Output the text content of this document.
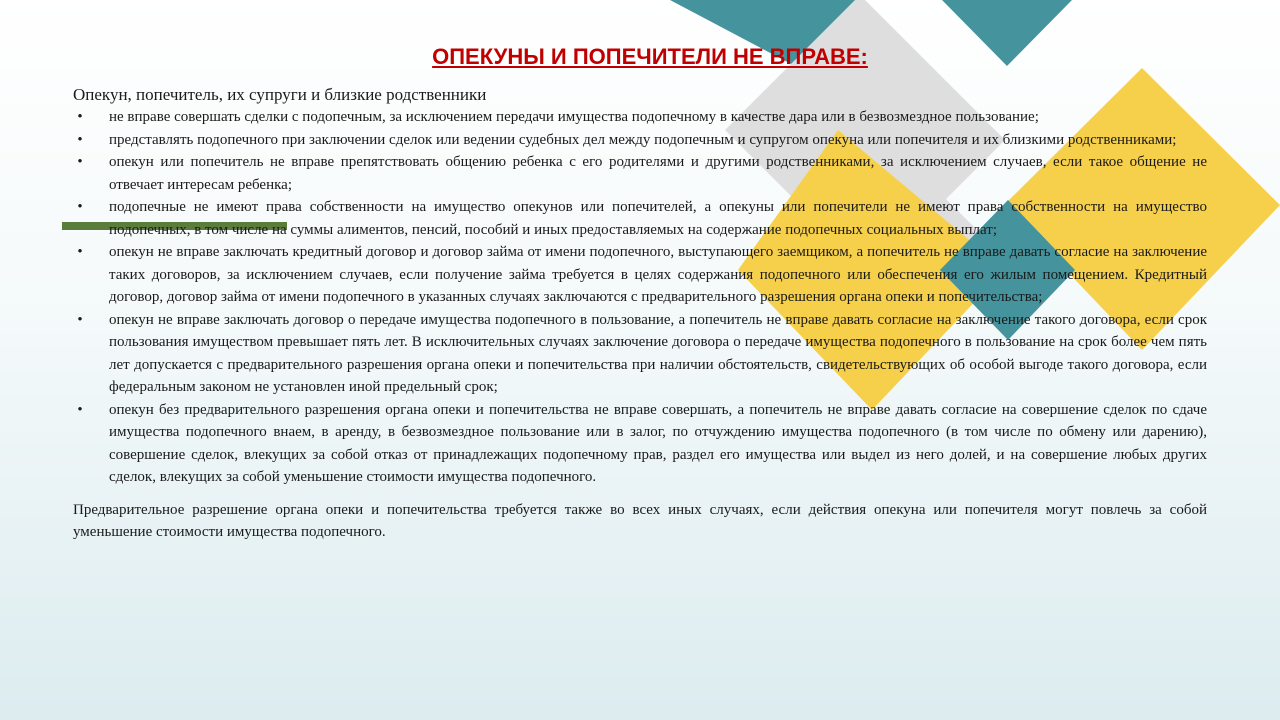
ОПЕКУНЫ И ПОПЕЧИТЕЛИ НЕ ВПРАВЕ:
Опекун, попечитель, их супруги и близкие родственники
• не вправе совершать сделки с подопечным, за исключением передачи имущества подопечному в качестве дара или в безвозмездное пользование;
• представлять подопечного при заключении сделок или ведении судебных дел между подопечным и супругом опекуна или попечителя и их близкими родственниками;
• опекун или попечитель не вправе препятствовать общению ребенка с его родителями и другими родственниками, за исключением случаев, если такое общение не отвечает интересам ребенка;
• подопечные не имеют права собственности на имущество опекунов или попечителей, а опекуны или попечители не имеют права собственности на имущество подопечных, в том числе на суммы алиментов, пенсий, пособий и иных предоставляемых на содержание подопечных социальных выплат;
• опекун не вправе заключать кредитный договор и договор займа от имени подопечного, выступающего заемщиком, а попечитель не вправе давать согласие на заключение таких договоров, за исключением случаев, если получение займа требуется в целях содержания подопечного или обеспечения его жилым помещением. Кредитный договор, договор займа от имени подопечного в указанных случаях заключаются с предварительного разрешения органа опеки и попечительства;
• опекун не вправе заключать договор о передаче имущества подопечного в пользование, а попечитель не вправе давать согласие на заключение такого договора, если срок пользования имуществом превышает пять лет. В исключительных случаях заключение договора о передаче имущества подопечного в пользование на срок более чем пять лет допускается с предварительного разрешения органа опеки и попечительства при наличии обстоятельств, свидетельствующих об особой выгоде такого договора, если федеральным законом не установлен иной предельный срок;
• опекун без предварительного разрешения органа опеки и попечительства не вправе совершать, а попечитель не вправе давать согласие на совершение сделок по сдаче имущества подопечного внаем, в аренду, в безвозмездное пользование или в залог, по отчуждению имущества подопечного (в том числе по обмену или дарению), совершение сделок, влекущих за собой отказ от принадлежащих подопечному прав, раздел его имущества или выдел из него долей, и на совершение любых других сделок, влекущих за собой уменьшение стоимости имущества подопечного.
Предварительное разрешение органа опеки и попечительства требуется также во всех иных случаях, если действия опекуна или попечителя могут повлечь за собой уменьшение стоимости имущества подопечного.
